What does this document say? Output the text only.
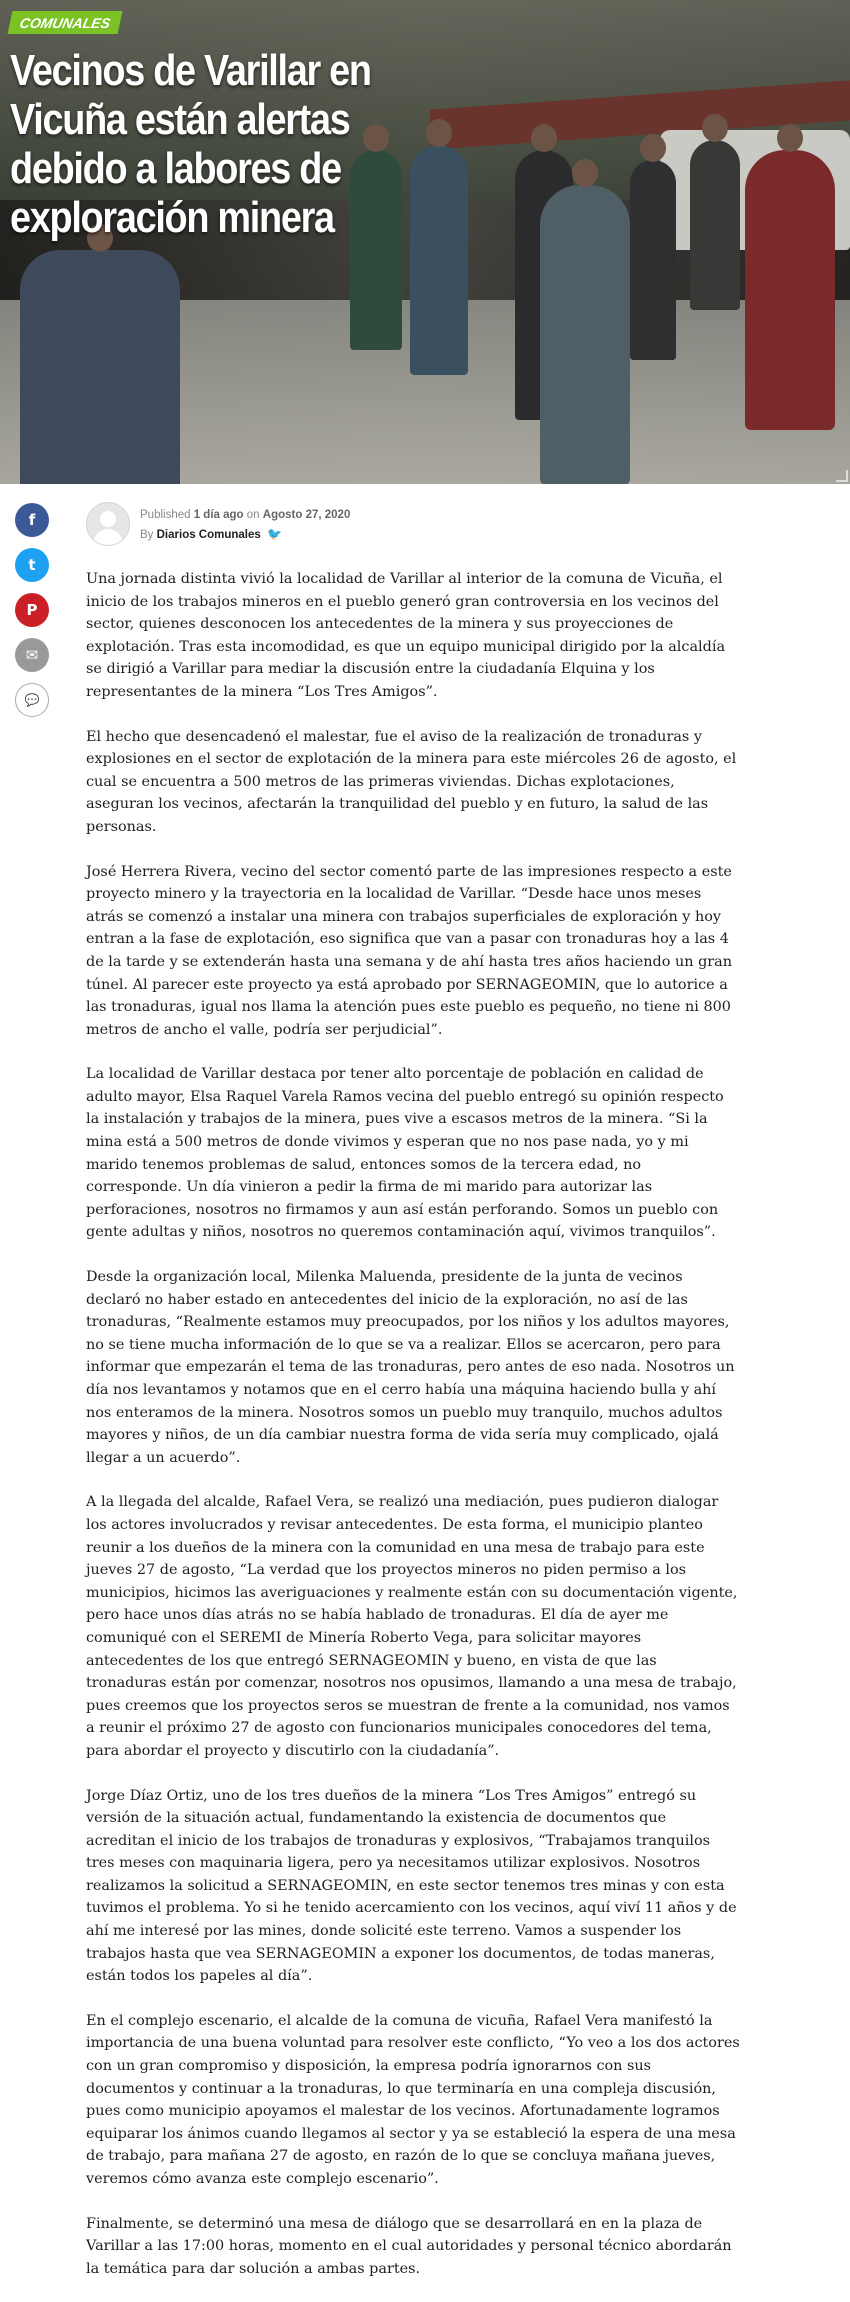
COMUNALES
Vecinos de Varillar en Vicuña están alertas debido a labores de exploración minera
f
t
P
✉
💬
Published 1 día ago on Agosto 27, 2020
By Diarios Comunales 🐦

Una jornada distinta vivió la localidad de Varillar al interior de la comuna de Vicuña, el inicio de los trabajos mineros en el pueblo generó gran controversia en los vecinos del sector, quienes desconocen los antecedentes de la minera y sus proyecciones de explotación. Tras esta incomodidad, es que un equipo municipal dirigido por la alcaldía se dirigió a Varillar para mediar la discusión entre la ciudadanía Elquina y los representantes de la minera “Los Tres Amigos”.

El hecho que desencadenó el malestar, fue el aviso de la realización de tronaduras y explosiones en el sector de explotación de la minera para este miércoles 26 de agosto, el cual se encuentra a 500 metros de las primeras viviendas. Dichas explotaciones, aseguran los vecinos, afectarán la tranquilidad del pueblo y en futuro, la salud de las personas.

José Herrera Rivera, vecino del sector comentó parte de las impresiones respecto a este proyecto minero y la trayectoria en la localidad de Varillar. “Desde hace unos meses atrás se comenzó a instalar una minera con trabajos superficiales de exploración y hoy entran a la fase de explotación, eso significa que van a pasar con tronaduras hoy a las 4 de la tarde y se extenderán hasta una semana y de ahí hasta tres años haciendo un gran túnel. Al parecer este proyecto ya está aprobado por SERNAGEOMIN, que lo autorice a las tronaduras, igual nos llama la atención pues este pueblo es pequeño, no tiene ni 800 metros de ancho el valle, podría ser perjudicial”.

La localidad de Varillar destaca por tener alto porcentaje de población en calidad de adulto mayor, Elsa Raquel Varela Ramos vecina del pueblo entregó su opinión respecto la instalación y trabajos de la minera, pues vive a escasos metros de la minera. “Si la mina está a 500 metros de donde vivimos y esperan que no nos pase nada, yo y mi marido tenemos problemas de salud, entonces somos de la tercera edad, no corresponde. Un día vinieron a pedir la firma de mi marido para autorizar las perforaciones, nosotros no firmamos y aun así están perforando. Somos un pueblo con gente adultas y niños, nosotros no queremos contaminación aquí, vivimos tranquilos”.

Desde la organización local, Milenka Maluenda, presidente de la junta de vecinos declaró no haber estado en antecedentes del inicio de la exploración, no así de las tronaduras, “Realmente estamos muy preocupados, por los niños y los adultos mayores, no se tiene mucha información de lo que se va a realizar. Ellos se acercaron, pero para informar que empezarán el tema de las tronaduras, pero antes de eso nada. Nosotros un día nos levantamos y notamos que en el cerro había una máquina haciendo bulla y ahí nos enteramos de la minera. Nosotros somos un pueblo muy tranquilo, muchos adultos mayores y niños, de un día cambiar nuestra forma de vida sería muy complicado, ojalá llegar a un acuerdo”.

A la llegada del alcalde, Rafael Vera, se realizó una mediación, pues pudieron dialogar los actores involucrados y revisar antecedentes. De esta forma, el municipio planteo reunir a los dueños de la minera con la comunidad en una mesa de trabajo para este jueves 27 de agosto, “La verdad que los proyectos mineros no piden permiso a los municipios, hicimos las averiguaciones y realmente están con su documentación vigente, pero hace unos días atrás no se había hablado de tronaduras. El día de ayer me comuniqué con el SEREMI de Minería Roberto Vega, para solicitar mayores antecedentes de los que entregó SERNAGEOMIN y bueno, en vista de que las tronaduras están por comenzar, nosotros nos opusimos, llamando a una mesa de trabajo, pues creemos que los proyectos seros se muestran de frente a la comunidad, nos vamos a reunir el próximo 27 de agosto con funcionarios municipales conocedores del tema, para abordar el proyecto y discutirlo con la ciudadanía”.

Jorge Díaz Ortiz, uno de los tres dueños de la minera “Los Tres Amigos” entregó su versión de la situación actual, fundamentando la existencia de documentos que acreditan el inicio de los trabajos de tronaduras y explosivos, “Trabajamos tranquilos tres meses con maquinaria ligera, pero ya necesitamos utilizar explosivos. Nosotros realizamos la solicitud a SERNAGEOMIN, en este sector tenemos tres minas y con esta tuvimos el problema. Yo si he tenido acercamiento con los vecinos, aquí viví 11 años y de ahí me interesé por las mines, donde solicité este terreno. Vamos a suspender los trabajos hasta que vea SERNAGEOMIN a exponer los documentos, de todas maneras, están todos los papeles al día”.

En el complejo escenario, el alcalde de la comuna de vicuña, Rafael Vera manifestó la importancia de una buena voluntad para resolver este conflicto, “Yo veo a los dos actores con un gran compromiso y disposición, la empresa podría ignorarnos con sus documentos y continuar a la tronaduras, lo que terminaría en una compleja discusión, pues como municipio apoyamos el malestar de los vecinos. Afortunadamente logramos equiparar los ánimos cuando llegamos al sector y ya se estableció la espera de una mesa de trabajo, para mañana 27 de agosto, en razón de lo que se concluya mañana jueves, veremos cómo avanza este complejo escenario”.

Finalmente, se determinó una mesa de diálogo que se desarrollará en en la plaza de Varillar a las 17:00 horas, momento en el cual autoridades y personal técnico abordarán la temática para dar solución a ambas partes.
